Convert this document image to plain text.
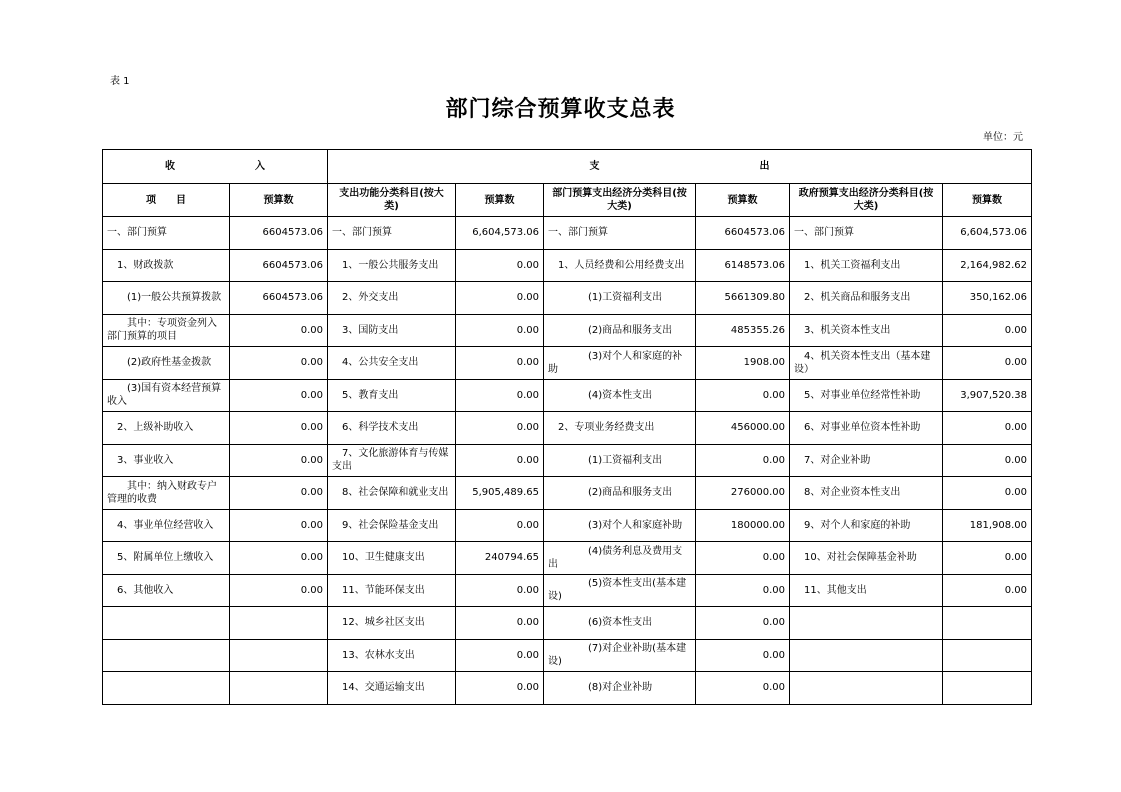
表 1
部门综合预算收支总表
单位：元
收　　　　　　　　入		支　　　　　　　　　　　　　　　　出					
项　　目	预算数	支出功能分类科目(按大类)	预算数	部门预算支出经济分类科目(按大类)	预算数	政府预算支出经济分类科目(按大类)	预算数
一、部门预算	6604573.06	一、部门预算	6,604,573.06	一、部门预算	6604573.06	一、部门预算	6,604,573.06
　1、财政拨款	6604573.06	　1、一般公共服务支出	0.00	　1、人员经费和公用经费支出	6148573.06	　1、机关工资福利支出	2,164,982.62
　　(1)一般公共预算拨款	6604573.06	　2、外交支出	0.00	　　　　(1)工资福利支出	5661309.80	　2、机关商品和服务支出	350,162.06
　　其中：专项资金列入部门预算的项目	0.00	　3、国防支出	0.00	　　　　(2)商品和服务支出	485355.26	　3、机关资本性支出	0.00
　　(2)政府性基金拨款	0.00	　4、公共安全支出	0.00	　　　　(3)对个人和家庭的补助	1908.00	　4、机关资本性支出（基本建设）	0.00
　　(3)国有资本经营预算收入	0.00	　5、教育支出	0.00	　　　　(4)资本性支出	0.00	　5、对事业单位经常性补助	3,907,520.38
　2、上级补助收入	0.00	　6、科学技术支出	0.00	　2、专项业务经费支出	456000.00	　6、对事业单位资本性补助	0.00
　3、事业收入	0.00	　7、文化旅游体育与传媒支出	0.00	　　　　(1)工资福利支出	0.00	　7、对企业补助	0.00
　　其中：纳入财政专户管理的收费	0.00	　8、社会保障和就业支出	5,905,489.65	　　　　(2)商品和服务支出	276000.00	　8、对企业资本性支出	0.00
　4、事业单位经营收入	0.00	　9、社会保险基金支出	0.00	　　　　(3)对个人和家庭补助	180000.00	　9、对个人和家庭的补助	181,908.00
　5、附属单位上缴收入	0.00	　10、卫生健康支出	240794.65	　　　　(4)债务利息及费用支出	0.00	　10、对社会保障基金补助	0.00
　6、其他收入	0.00	　11、节能环保支出	0.00	　　　　(5)资本性支出(基本建设)	0.00	　11、其他支出	0.00
		　12、城乡社区支出	0.00	　　　　(6)资本性支出	0.00		
		　13、农林水支出	0.00	　　　　(7)对企业补助(基本建设)	0.00		
		　14、交通运输支出	0.00	　　　　(8)对企业补助	0.00		
